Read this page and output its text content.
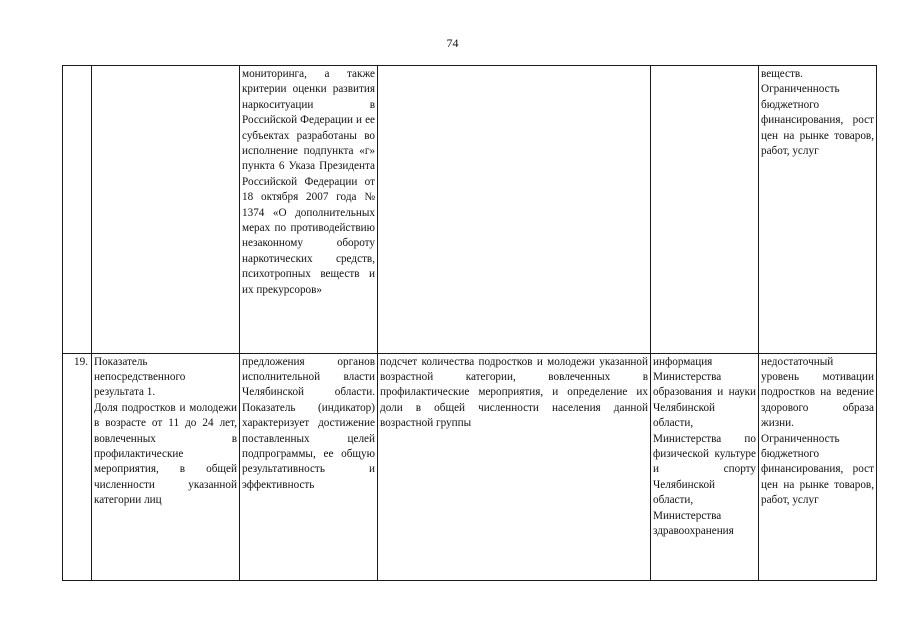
74
		мониторинга, а также критерии оценки развития наркоситуации в Российской Федерации и ее субъектах разработаны во исполнение подпункта «г» пункта 6 Указа Президента Российской Федерации от 18 октября 2007 года № 1374 «О дополнительных мерах по противодействию незаконному обороту наркотических средств, психотропных веществ и их прекурсоров»			веществ.
Ограниченность бюджетного финансирования, рост цен на рынке товаров, работ, услуг
19.	Показатель непосредственного результата 1.
Доля подростков и молодежи в возрасте от 11 до 24 лет, вовлеченных в профилактические мероприятия, в общей численности указанной категории лиц	предложения органов исполнительной власти Челябинской области. Показатель (индикатор) характеризует достижение поставленных целей подпрограммы, ее общую результативность и эффективность	подсчет количества подростков и молодежи указанной возрастной категории, вовлеченных в профилактические мероприятия, и определение их доли в общей численности населения данной возрастной группы	информация Министерства образования и науки Челябинской области, Министерства по физической культуре и спорту Челябинской области, Министерства здравоохранения	недостаточный уровень мотивации подростков на ведение здорового образа жизни. Ограниченность бюджетного финансирования, рост цен на рынке товаров, работ, услуг
